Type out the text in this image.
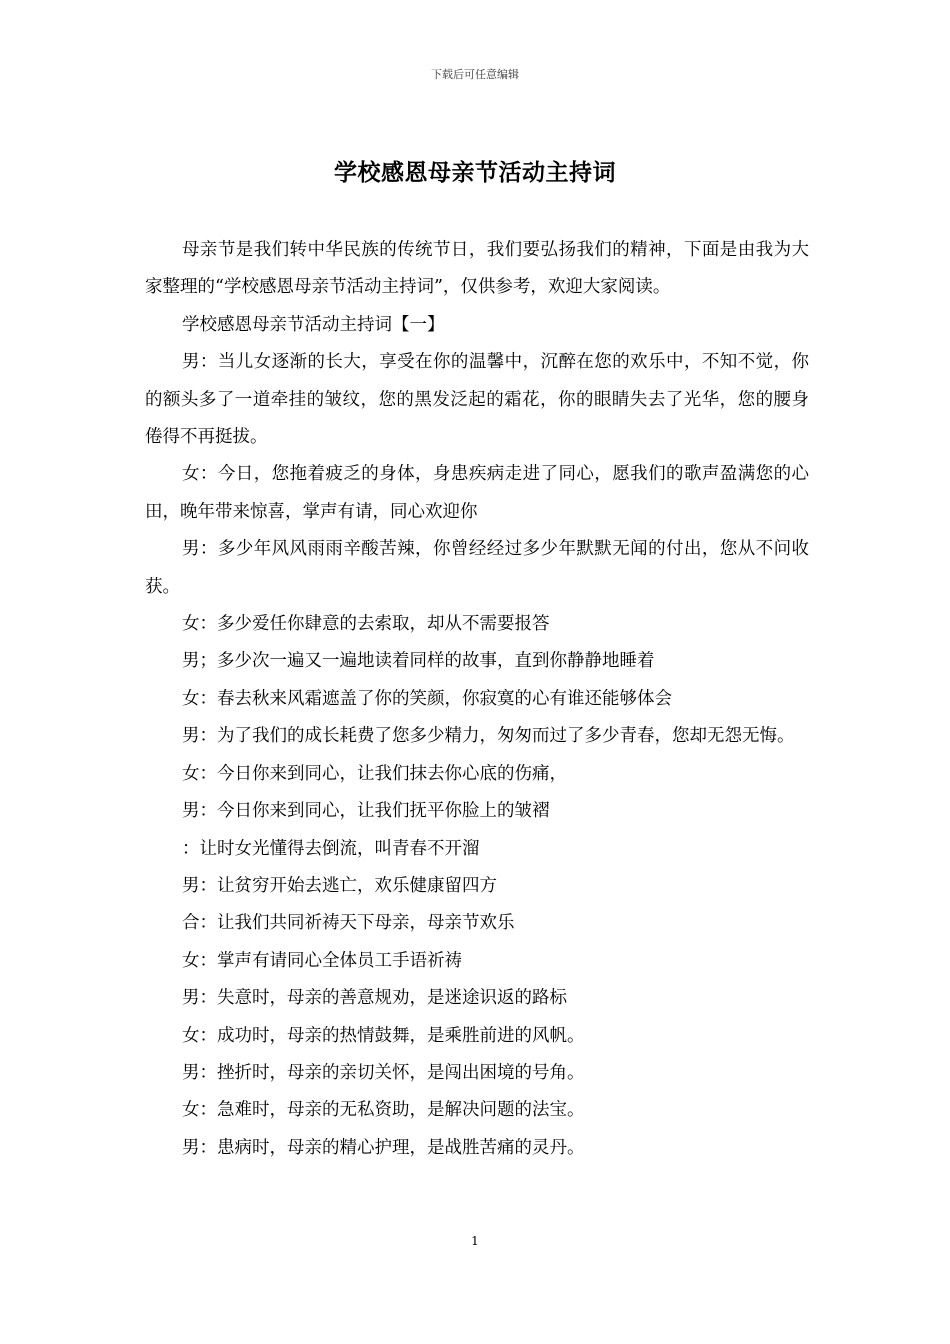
下载后可任意编辑
学校感恩母亲节活动主持词

母亲节是我们转中华民族的传统节日，我们要弘扬我们的精神，下面是由我为大家整理的“学校感恩母亲节活动主持词”，仅供参考，欢迎大家阅读。

学校感恩母亲节活动主持词【一】

男：当儿女逐渐的长大，享受在你的温馨中，沉醉在您的欢乐中，不知不觉，你的额头多了一道牵挂的皱纹，您的黑发泛起的霜花，你的眼睛失去了光华，您的腰身倦得不再挺拔。

女：今日，您拖着疲乏的身体，身患疾病走进了同心，愿我们的歌声盈满您的心田，晚年带来惊喜，掌声有请，同心欢迎你

男：多少年风风雨雨辛酸苦辣，你曾经经过多少年默默无闻的付出，您从不问收获。

女：多少爱任你肆意的去索取，却从不需要报答

男；多少次一遍又一遍地读着同样的故事，直到你静静地睡着

女：春去秋来风霜遮盖了你的笑颜，你寂寞的心有谁还能够体会

男：为了我们的成长耗费了您多少精力，匆匆而过了多少青春，您却无怨无悔。

女：今日你来到同心，让我们抹去你心底的伤痛，

男：今日你来到同心，让我们抚平你脸上的皱褶

：让时女光懂得去倒流，叫青春不开溜

男：让贫穷开始去逃亡，欢乐健康留四方

合：让我们共同祈祷天下母亲，母亲节欢乐

女：掌声有请同心全体员工手语祈祷

男：失意时，母亲的善意规劝，是迷途识返的路标

女：成功时，母亲的热情鼓舞，是乘胜前进的风帆。

男：挫折时，母亲的亲切关怀，是闯出困境的号角。

女：急难时，母亲的无私资助，是解决问题的法宝。

男：患病时，母亲的精心护理，是战胜苦痛的灵丹。

1
